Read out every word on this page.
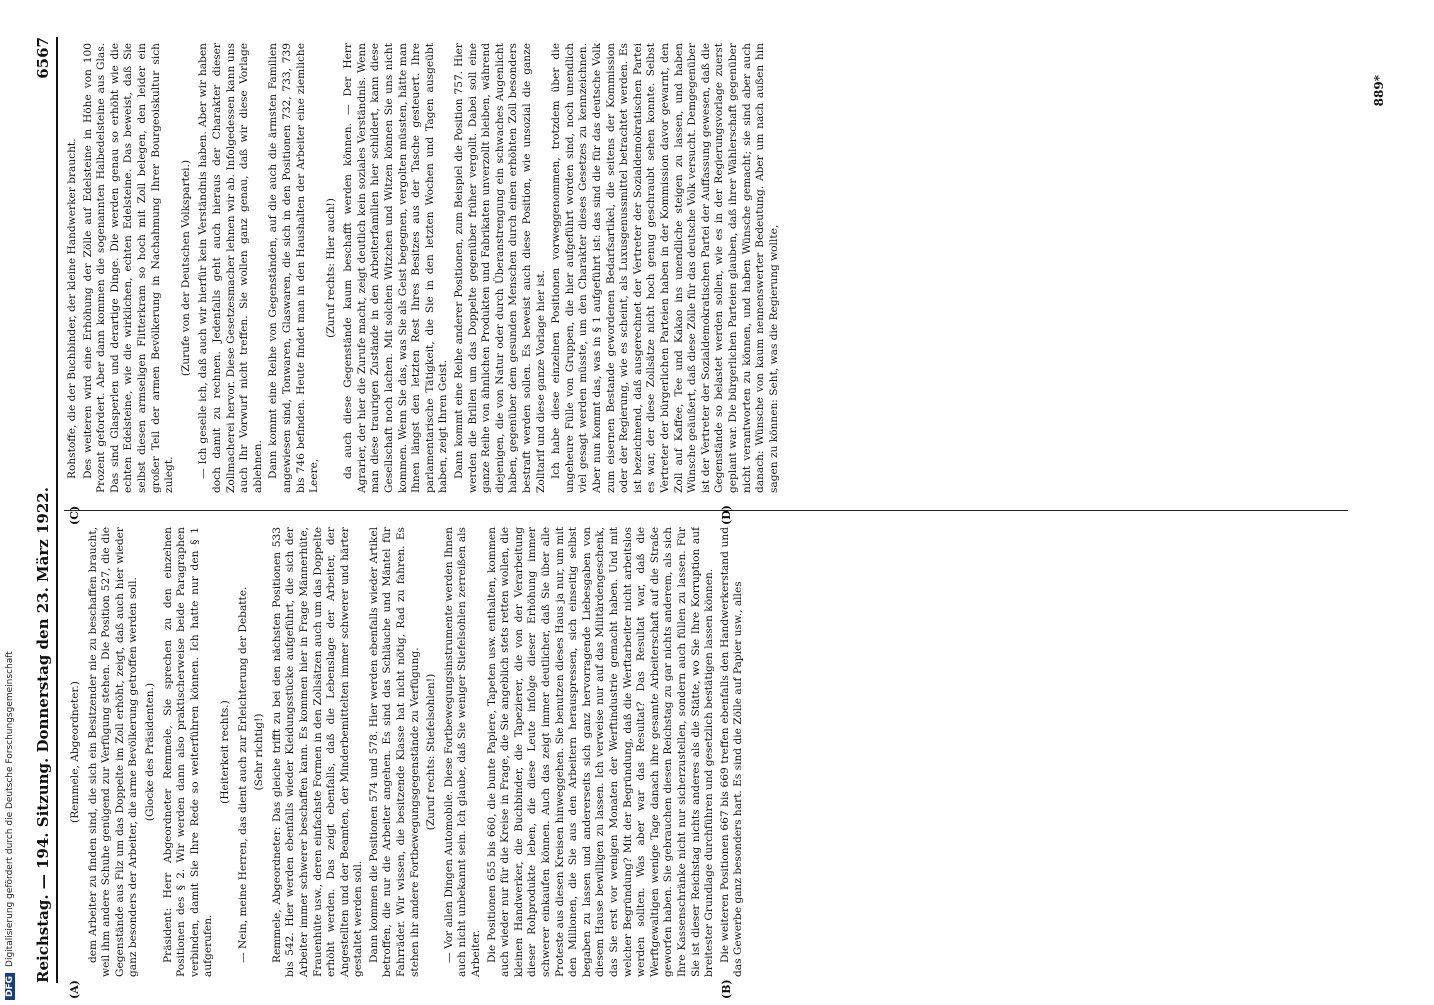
Reichstag. — 194. Sitzung. Donnerstag den 23. März 1922.
6567

(Remmele, Abgeordneter.) dem Arbeiter zu finden sind, die sich ein Besitzender nie zu beschaffen braucht, weil ihm andere Schuhe genügend zur Verfügung stehen. Die Position 527, die die Gegenstände aus Filz um das Doppelte im Zoll erhöht, zeigt, daß auch hier wieder ganz besonders der Arbeiter, die arme Bevölkerung getroffen werden soll. (Glocke des Präsidenten.) Präsident: Herr Abgeordneter Remmele, Sie sprechen zu den einzelnen Positionen des § 2. Wir werden dann also praktischerweise beide Paragraphen verbinden, damit Sie Ihre Rede so weiterführen können. Ich hatte nur den § 1 aufgerufen.

(Heiterkeit rechts.) — Nein, meine Herren, das dient auch zur Erleichterung der Debatte. (Sehr richtig!) Remmele, Abgeordneter: Das gleiche trifft zu bei den nächsten Positionen 533 bis 542. Hier werden ebenfalls wieder Kleidungsstücke aufgeführt, die sich der Arbeiter immer schwerer beschaffen kann. Es kommen hier in Frage Männerhüte, Frauenhüte usw., deren einfachste Formen in den Zollsätzen auch um das Doppelte erhöht werden. Das zeigt ebenfalls, daß die Lebenslage der Arbeiter, der Angestellten und der Beamten, der Minderbemittelten immer schwerer und härter gestaltet werden soll. Dann kommen die Positionen 574 und 578. Hier werden ebenfalls wieder Artikel betroffen, die nur die Arbeiter angehen. Es sind das Schläuche und Mäntel für Fahrräder. Wir wissen, die besitzende Klasse hat nicht nötig, Rad zu fahren. Es stehen ihr andere Fortbewegungsgegenstände zu Verfügung. (Zuruf rechts: Stiefelsohlen!) — Vor allen Dingen Automobile. Diese Fortbewegungsinstrumente werden Ihnen auch nicht unbekannt sein. Ich glaube, daß Sie weniger Stiefelsohlen zerreißen als Arbeiter. Die Positionen 655 bis 660, die bunte Papiere, Tapeten usw. enthalten, kommen auch wieder nur für die Kreise in Frage, die Sie angeblich stets retten wollen, die kleinen Handwerker, die Buchbinder, die Tapezierer, die von der Verarbeitung dieser Rohprodukte leben, die diese Leute infolge dieser Erhöhung immer schwerer einkaufen können. Auch das zeigt immer deutlicher, daß Sie über alle Proteste aus diesen Kreisen hinweggehen. Sie benutzen dieses Haus ja nur, um mit den Millionen, die Sie aus den Arbeitern herauspressen, sich einseitig selbst begaben zu lassen und andererseits sich ganz hervorragende Liebesgaben von diesem Hause bewilligen zu lassen. Ich verweise nur auf das Militärdengeschenk, das Sie erst vor wenigen Monaten der Werftindustrie gemacht haben. Und mit welcher Begründung? Mit der Begründung, daß die Werftarbeiter nicht arbeitslos werden sollten. Was aber war das Resultat? Das Resultat war, daß die Werftgewaltigen wenige Tage danach ihre gesamte Arbeiterschaft auf die Straße geworfen haben. Sie gebrauchen diesen Reichstag zu gar nichts anderem, als sich Ihre Kassenschränke nicht nur sicherzustellen, sondern auch füllen zu lassen. Für Sie ist dieser Reichstag nichts anderes als die Stätte, wo Sie Ihre Korruption auf breitester Grundlage durchführen und gesetzlich bestätigen lassen können. Die weiteren Positionen 667 bis 669 treffen ebenfalls den Handwerkerstand und das Gewerbe ganz besonders hart. Es sind die Zölle auf Papier usw., alles

Rohstoffe, die der Buchbinder, der kleine Handwerker braucht. Des weiteren wird eine Erhöhung der Zölle auf Edelsteine in Höhe von 100 Prozent gefordert. Aber dann kommen die sogenannten Halbedelsteine aus Glas. Das sind Glasperlen und derartige Dinge. Die werden genau so erhöht wie die echten Edelsteine, wie die wirklichen, echten Edelsteine. Das beweist, daß Sie selbst diesen armseligen Flitterkram so hoch mit Zoll belegen, den leider ein großer Teil der armen Bevölkerung in Nachahmung Ihrer Bourgeoiskultur sich zulegt.

(Zurufe von der Deutschen Volkspartei.) — Ich geselle ich, daß auch wir hierfür kein Verständnis haben. Aber wir haben doch damit zu rechnen. Jedenfalls geht auch hieraus der Charakter dieser Zollmacherei hervor. Diese Gesetzesmacher lehnen wir ab. Infolgedessen kann uns auch Ihr Vorwurf nicht treffen. Sie wollen ganz genau, daß wir diese Vorlage ablehnen. Dann kommt eine Reihe von Gegenständen, auf die auch die ärmsten Familien angewiesen sind, Tonwaren, Glaswaren, die sich in den Positionen 732, 733, 739 bis 746 befinden. Heute findet man in den Haushalten der Arbeiter eine ziemliche Leere,

(Zuruf rechts: Hier auch!) da auch diese Gegenstände kaum beschafft werden können. — Der Herr Agrarier, der hier die Zurufe macht, zeigt deutlich kein soziales Verständnis. Wenn man diese traurigen Zustände in den Arbeiterfamilien hier schildert, kann diese Gesellschaft noch lachen. Mit solchen Witzchen und Witzen können Sie uns nicht kommen. Wenn Sie das, was Sie als Geist begegnen, vergolten müssten, hätte man Ihnen längst den letzten Rest Ihres Besitzes aus der Tasche gesteuert. Ihre parlamentarische Tätigkeit, die Sie in den letzten Wochen und Tagen ausgeübt haben, zeigt Ihren Geist. Dann kommt eine Reihe anderer Positionen, zum Beispiel die Position 757. Hier werden die Brillen um das Doppelte gegenüber früher vergollt. Dabei soll eine ganze Reihe von ähnlichen Produkten und Fabrikaten unverzollt bleiben, während diejenigen, die von Natur oder durch Überanstrengung ein schwaches Augenlicht haben, gegenüber dem gesunden Menschen durch einen erhöhten Zoll besonders bestraft werden sollen. Es beweist auch diese Position, wie unsozial die ganze Zolltarif und diese ganze Vorlage hier ist. Ich habe diese einzelnen Positionen vorweggenommen, trotzdem über die ungeheure Fülle von Gruppen, die hier aufgeführt worden sind, noch unendlich viel gesagt werden müsste, um den Charakter dieses Gesetzes zu kennzeichnen. Aber nun kommt das, was in § 1 aufgeführt ist: das sind die für das deutsche Volk zum eisernen Bestande gewordenen Bedarfsartikel, die seitens der Kommission oder der Regierung, wie es scheint, als Luxusgenussmittel betrachtet werden. Es ist bezeichnend, daß ausgerechnet der Vertreter der Sozialdemokratischen Partei es war, der diese Zollsätze nicht hoch genug geschraubt sehen konnte. Selbst Vertreter der bürgerlichen Parteien haben in der Kommission davor gewarnt, den Zoll auf Kaffee, Tee und Kakao ins unendliche steigen zu lassen, und haben Wünsche geäußert, daß diese Zölle für das deutsche Volk versucht. Demgegenüber ist der Vertreter der Sozialdemokratischen Partei der Auffassung gewesen, daß die Gegenstände so belastet werden sollen, wie es in der Regierungsvorlage zuerst geplant war. Die bürgerlichen Parteien glauben, daß ihrer Wählerschaft gegenüber nicht verantworten zu können, und haben Wünsche gemacht; sie sind aber auch danach: Wünsche von kaum nennenswerter Bedeutung. Aber um nach außen hin sagen zu können: Seht, was die Regierung wollte,

(A)	(B)
(C)	(D)
889*
DFG
Digitalisierung gefördert durch die Deutsche Forschungsgemeinschaft
